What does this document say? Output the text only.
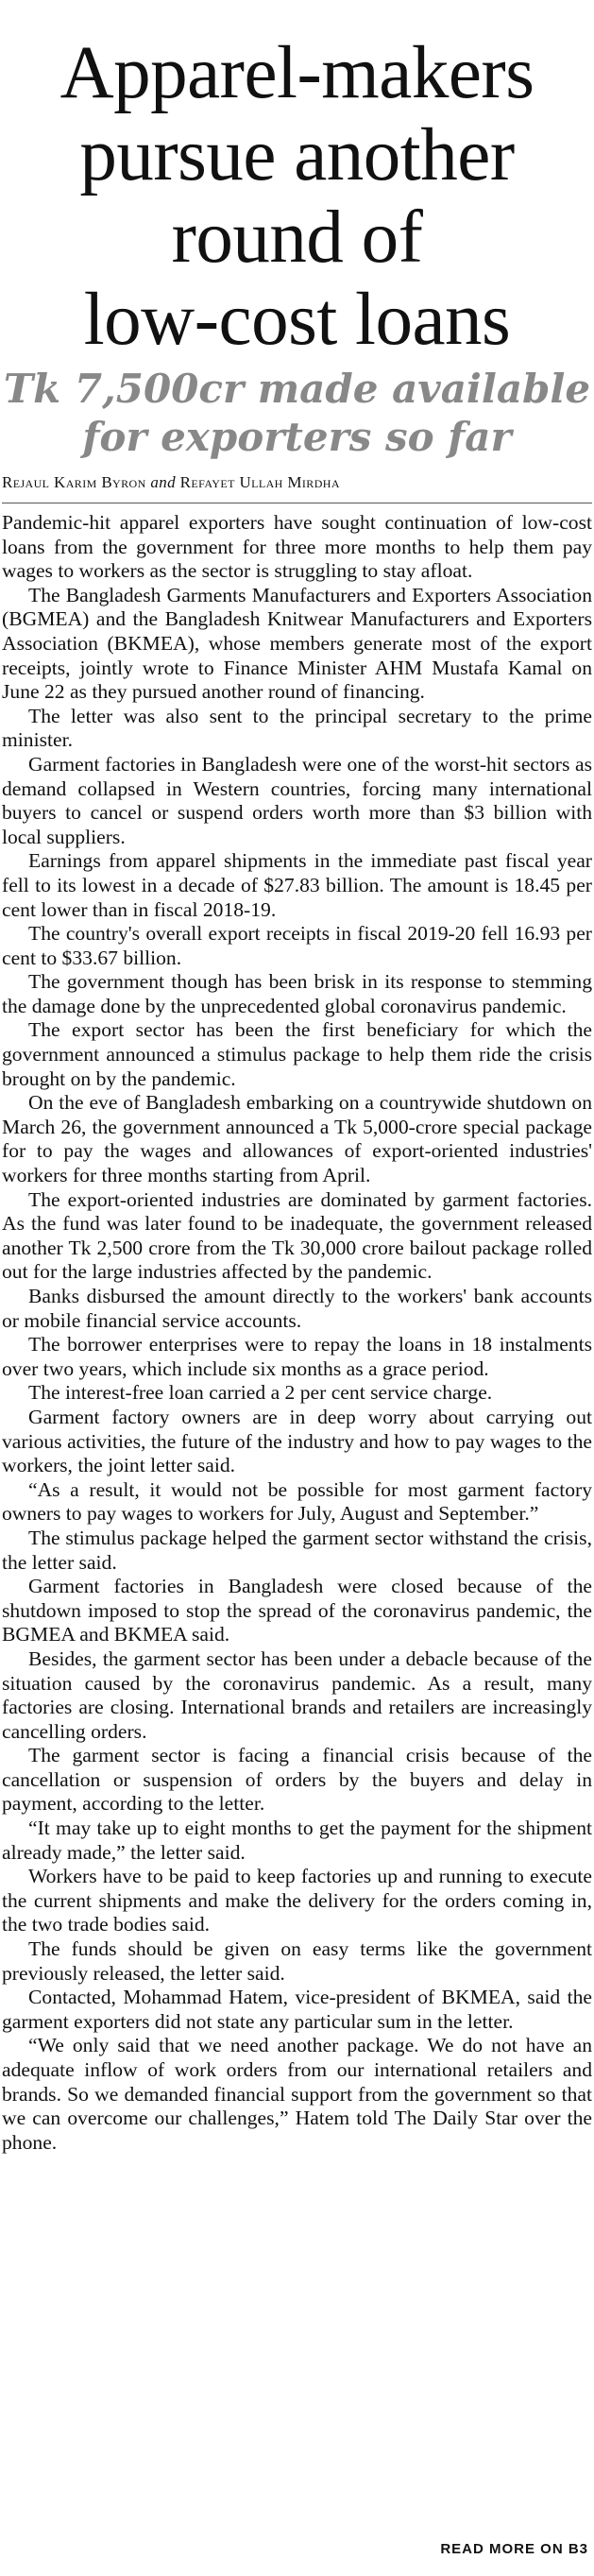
Apparel-makers
pursue another
round of
low-cost loans
Tk 7,500cr made available
for exporters so far
Rejaul Karim Byron and Refayet Ullah Mirdha

Pandemic-hit apparel exporters have sought continuation of low-cost loans from the government for three more months to help them pay wages to workers as the sector is struggling to stay afloat.

The Bangladesh Garments Manufacturers and Exporters Association (BGMEA) and the Bangladesh Knitwear Manufacturers and Exporters Association (BKMEA), whose members generate most of the export receipts, jointly wrote to Finance Minister AHM Mustafa Kamal on June 22 as they pursued another round of financing.

The letter was also sent to the principal secretary to the prime minister.

Garment factories in Bangladesh were one of the worst-hit sectors as demand collapsed in Western countries, forcing many international buyers to cancel or suspend orders worth more than $3 billion with local suppliers.

Earnings from apparel shipments in the immediate past fiscal year fell to its lowest in a decade of $27.83 billion. The amount is 18.45 per cent lower than in fiscal 2018-19.

The country's overall export receipts in fiscal 2019-20 fell 16.93 per cent to $33.67 billion.

The government though has been brisk in its response to stemming the damage done by the unprecedented global coronavirus pandemic.

The export sector has been the first beneficiary for which the government announced a stimulus package to help them ride the crisis brought on by the pandemic.

On the eve of Bangladesh embarking on a countrywide shutdown on March 26, the government announced a Tk 5,000-crore special package for to pay the wages and allowances of export-oriented industries' workers for three months starting from April.

The export-oriented industries are dominated by garment factories. As the fund was later found to be inadequate, the government released another Tk 2,500 crore from the Tk 30,000 crore bailout package rolled out for the large industries affected by the pandemic.

Banks disbursed the amount directly to the workers' bank accounts or mobile financial service accounts.

The borrower enterprises were to repay the loans in 18 instalments over two years, which include six months as a grace period.

The interest-free loan carried a 2 per cent service charge.

Garment factory owners are in deep worry about carrying out various activities, the future of the industry and how to pay wages to the workers, the joint letter said.

“As a result, it would not be possible for most garment factory owners to pay wages to workers for July, August and September.”

The stimulus package helped the garment sector withstand the crisis, the letter said.

Garment factories in Bangladesh were closed because of the shutdown imposed to stop the spread of the coronavirus pandemic, the BGMEA and BKMEA said.

Besides, the garment sector has been under a debacle because of the situation caused by the coronavirus pandemic. As a result, many factories are closing. International brands and retailers are increasingly cancelling orders.

The garment sector is facing a financial crisis because of the cancellation or suspension of orders by the buyers and delay in payment, according to the letter.

“It may take up to eight months to get the payment for the shipment already made,” the letter said.

Workers have to be paid to keep factories up and running to execute the current shipments and make the delivery for the orders coming in, the two trade bodies said.

The funds should be given on easy terms like the government previously released, the letter said.

Contacted, Mohammad Hatem, vice-president of BKMEA, said the garment exporters did not state any particular sum in the letter.

“We only said that we need another package. We do not have an adequate inflow of work orders from our international retailers and brands. So we demanded financial support from the government so that we can overcome our challenges,” Hatem told The Daily Star over the phone.

READ MORE ON B3
